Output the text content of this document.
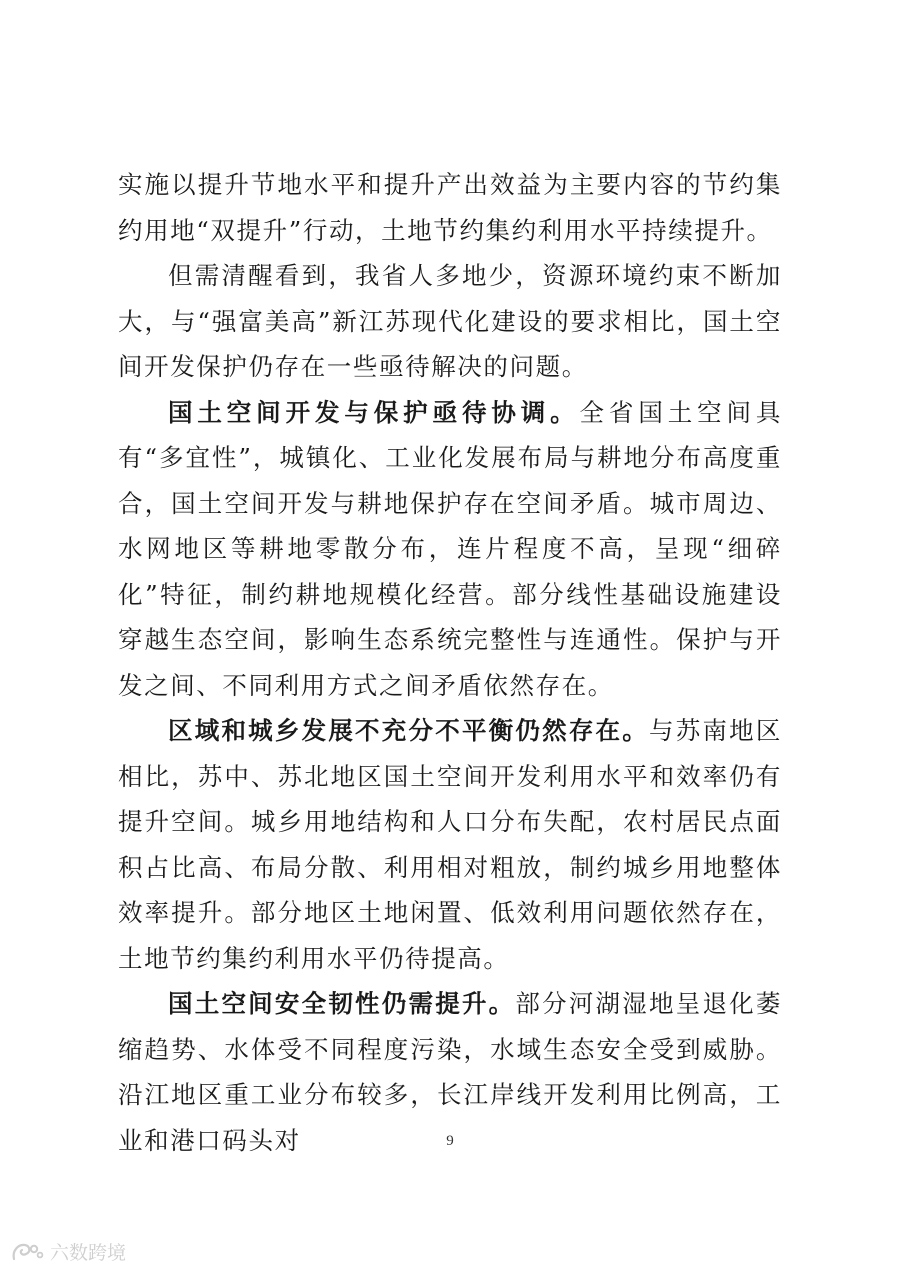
实施以提升节地水平和提升产出效益为主要内容的节约集约用地“双提升”行动，土地节约集约利用水平持续提升。

但需清醒看到，我省人多地少，资源环境约束不断加大，与“强富美高”新江苏现代化建设的要求相比，国土空间开发保护仍存在一些亟待解决的问题。

国土空间开发与保护亟待协调。全省国土空间具有“多宜性”，城镇化、工业化发展布局与耕地分布高度重合，国土空间开发与耕地保护存在空间矛盾。城市周边、水网地区等耕地零散分布，连片程度不高，呈现“细碎化”特征，制约耕地规模化经营。部分线性基础设施建设穿越生态空间，影响生态系统完整性与连通性。保护与开发之间、不同利用方式之间矛盾依然存在。

区域和城乡发展不充分不平衡仍然存在。与苏南地区相比，苏中、苏北地区国土空间开发利用水平和效率仍有提升空间。城乡用地结构和人口分布失配，农村居民点面积占比高、布局分散、利用相对粗放，制约城乡用地整体效率提升。部分地区土地闲置、低效利用问题依然存在，土地节约集约利用水平仍待提高。

国土空间安全韧性仍需提升。部分河湖湿地呈退化萎缩趋势、水体受不同程度污染，水域生态安全受到威胁。沿江地区重工业分布较多，长江岸线开发利用比例高，工业和港口码头对	9
六数跨境
